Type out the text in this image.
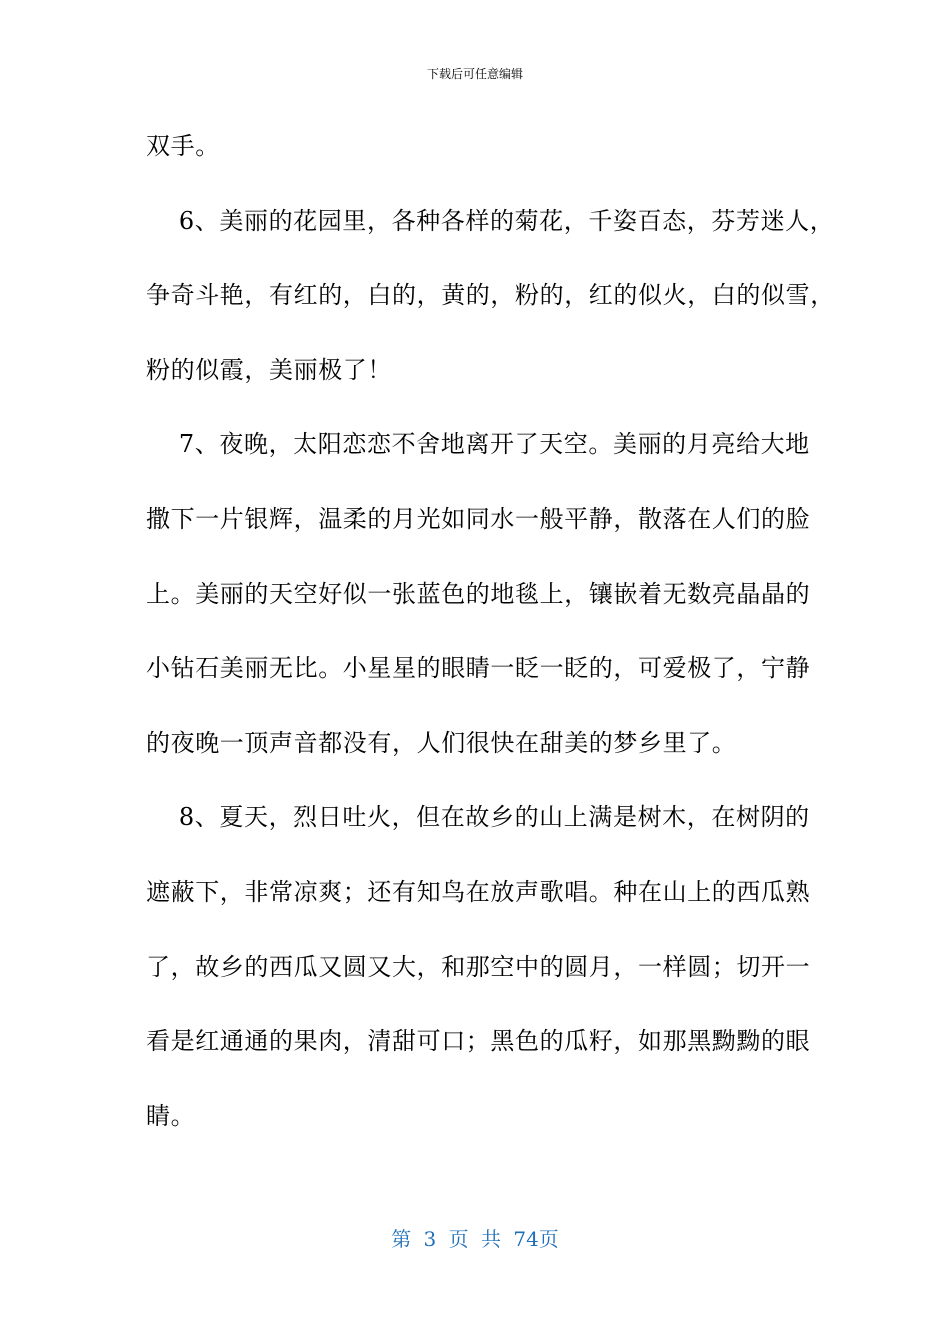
下载后可任意编辑
双手。
6、美丽的花园里，各种各样的菊花，千姿百态，芬芳迷人，
争奇斗艳，有红的，白的，黄的，粉的，红的似火，白的似雪，
粉的似霞，美丽极了！
7、夜晚，太阳恋恋不舍地离开了天空。美丽的月亮给大地
撒下一片银辉，温柔的月光如同水一般平静，散落在人们的脸
上。美丽的天空好似一张蓝色的地毯上，镶嵌着无数亮晶晶的
小钻石美丽无比。小星星的眼睛一眨一眨的，可爱极了，宁静
的夜晚一顶声音都没有，人们很快在甜美的梦乡里了。
8、夏天，烈日吐火，但在故乡的山上满是树木，在树阴的
遮蔽下，非常凉爽；还有知鸟在放声歌唱。种在山上的西瓜熟
了，故乡的西瓜又圆又大，和那空中的圆月，一样圆；切开一
看是红通通的果肉，清甜可口；黑色的瓜籽，如那黑黝黝的眼
睛。
第 3 页 共 74页
